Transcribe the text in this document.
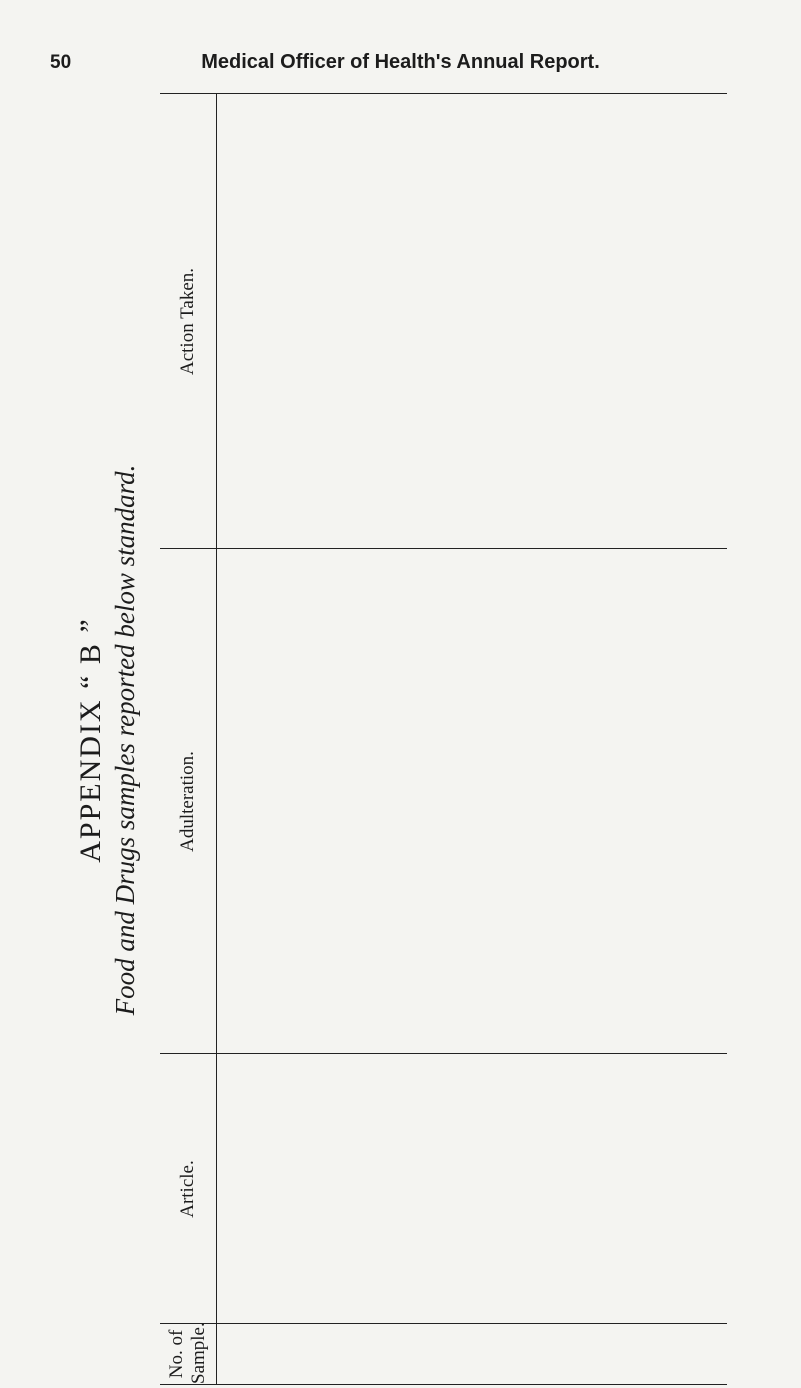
50	Medical Officer of Health's Annual Report.
APPENDIX “ B ” Food and Drugs samples reported below standard.
No. of Sample.
Article.
Adulteration.
Action Taken.
